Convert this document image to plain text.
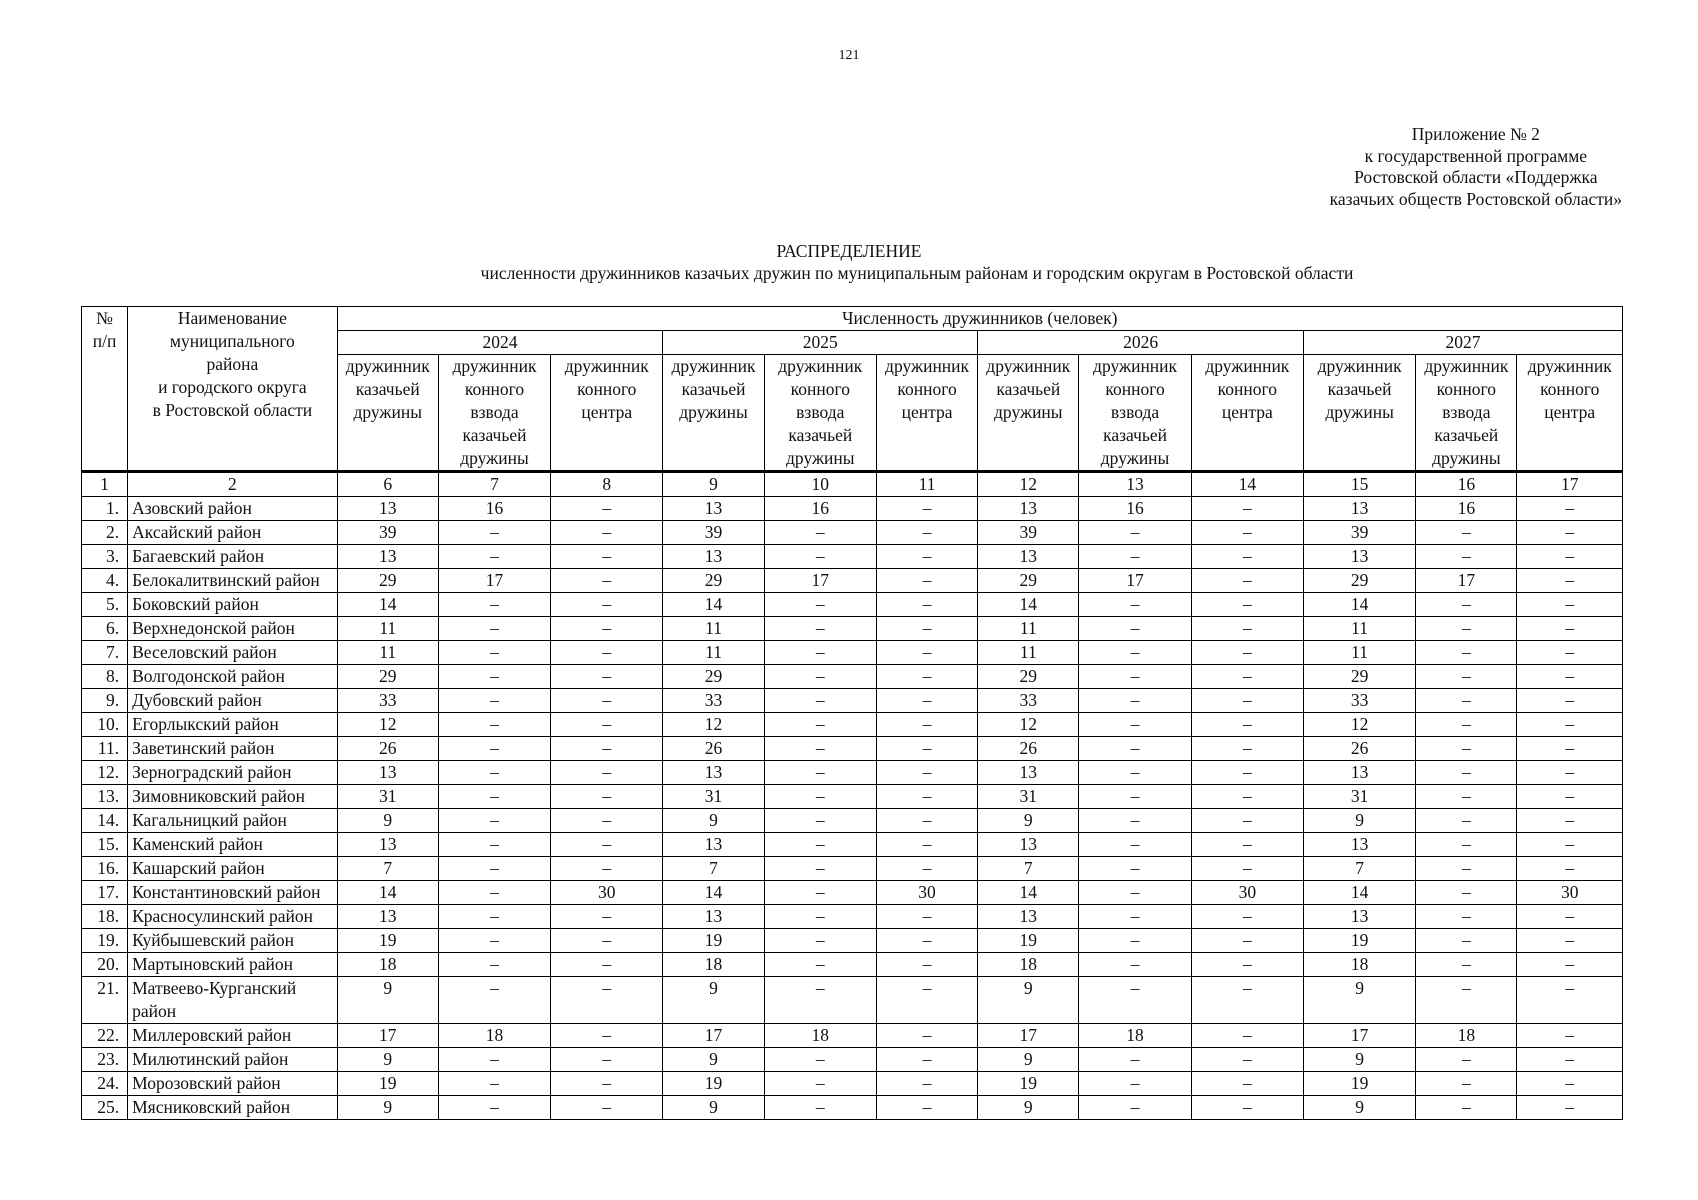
121
Приложение № 2
к государственной программе
Ростовской области «Поддержка
казачьих обществ Ростовской области»
РАСПРЕДЕЛЕНИЕ
численности дружинников казачьих дружин по муниципальным районам и городским округам в Ростовской области
№
п/п	Наименование
муниципального
района
и городского округа
в Ростовской области	Численность дружинников (человек)											
		2024			2025			2026			2027		
		дружинник
казачьей
дружины	дружинник
конного
взвода
казачьей
дружины	дружинник
конного
центра	дружинник
казачьей
дружины	дружинник
конного
взвода
казачьей
дружины	дружинник
конного
центра	дружинник
казачьей
дружины	дружинник
конного
взвода
казачьей
дружины	дружинник
конного
центра	дружинник
казачьей
дружины	дружинник
конного
взвода
казачьей
дружины	дружинник
конного
центра
1	2	6	7	8	9	10	11	12	13	14	15	16	17
1.	Азовский район	13	16	–	13	16	–	13	16	–	13	16	–
2.	Аксайский район	39	–	–	39	–	–	39	–	–	39	–	–
3.	Багаевский район	13	–	–	13	–	–	13	–	–	13	–	–
4.	Белокалитвинский район	29	17	–	29	17	–	29	17	–	29	17	–
5.	Боковский район	14	–	–	14	–	–	14	–	–	14	–	–
6.	Верхнедонской район	11	–	–	11	–	–	11	–	–	11	–	–
7.	Веселовский район	11	–	–	11	–	–	11	–	–	11	–	–
8.	Волгодонской район	29	–	–	29	–	–	29	–	–	29	–	–
9.	Дубовский район	33	–	–	33	–	–	33	–	–	33	–	–
10.	Егорлыкский район	12	–	–	12	–	–	12	–	–	12	–	–
11.	Заветинский район	26	–	–	26	–	–	26	–	–	26	–	–
12.	Зерноградский район	13	–	–	13	–	–	13	–	–	13	–	–
13.	Зимовниковский район	31	–	–	31	–	–	31	–	–	31	–	–
14.	Кагальницкий район	9	–	–	9	–	–	9	–	–	9	–	–
15.	Каменский район	13	–	–	13	–	–	13	–	–	13	–	–
16.	Кашарский район	7	–	–	7	–	–	7	–	–	7	–	–
17.	Константиновский район	14	–	30	14	–	30	14	–	30	14	–	30
18.	Красносулинский район	13	–	–	13	–	–	13	–	–	13	–	–
19.	Куйбышевский район	19	–	–	19	–	–	19	–	–	19	–	–
20.	Мартыновский район	18	–	–	18	–	–	18	–	–	18	–	–
21.	Матвеево-Курганский район	9	–	–	9	–	–	9	–	–	9	–	–
22.	Миллеровский район	17	18	–	17	18	–	17	18	–	17	18	–
23.	Милютинский район	9	–	–	9	–	–	9	–	–	9	–	–
24.	Морозовский район	19	–	–	19	–	–	19	–	–	19	–	–
25.	Мясниковский район	9	–	–	9	–	–	9	–	–	9	–	–
